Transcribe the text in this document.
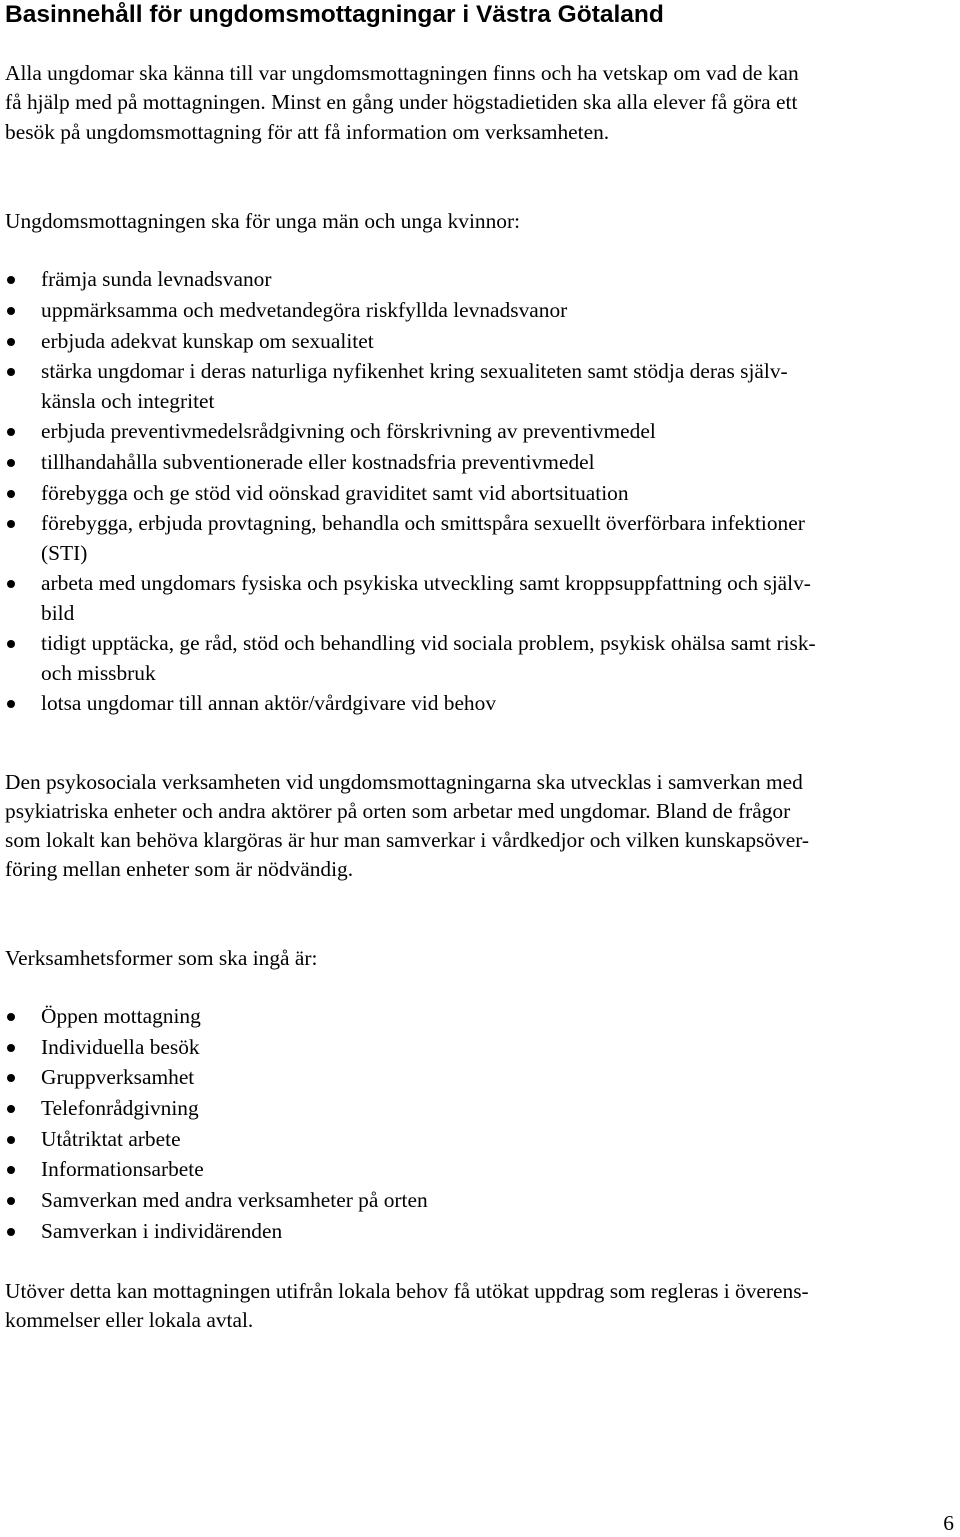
Basinnehåll för ungdomsmottagningar i Västra Götaland

Alla ungdomar ska känna till var ungdomsmottagningen finns och ha vetskap om vad de kan
få hjälp med på mottagningen. Minst en gång under högstadietiden ska alla elever få göra ett
besök på ungdomsmottagning för att få information om verksamheten.

Ungdomsmottagningen ska för unga män och unga kvinnor:

främja sunda levnadsvanor
uppmärksamma och medvetandegöra riskfyllda levnadsvanor
erbjuda adekvat kunskap om sexualitet
stärka ungdomar i deras naturliga nyfikenhet kring sexualiteten samt stödja deras själv-
känsla och integritet
erbjuda preventivmedelsrådgivning och förskrivning av preventivmedel
tillhandahålla subventionerade eller kostnadsfria preventivmedel
förebygga och ge stöd vid oönskad graviditet samt vid abortsituation
förebygga, erbjuda provtagning, behandla och smittspåra sexuellt överförbara infektioner
(STI)
arbeta med ungdomars fysiska och psykiska utveckling samt kroppsuppfattning och själv-
bild
tidigt upptäcka, ge råd, stöd och behandling vid sociala problem, psykisk ohälsa samt risk-
och missbruk
lotsa ungdomar till annan aktör/vårdgivare vid behov

Den psykosociala verksamheten vid ungdomsmottagningarna ska utvecklas i samverkan med
psykiatriska enheter och andra aktörer på orten som arbetar med ungdomar. Bland de frågor
som lokalt kan behöva klargöras är hur man samverkar i vårdkedjor och vilken kunskapsöver-
föring mellan enheter som är nödvändig.

Verksamhetsformer som ska ingå är:

Öppen mottagning
Individuella besök
Gruppverksamhet
Telefonrådgivning
Utåtriktat arbete
Informationsarbete
Samverkan med andra verksamheter på orten
Samverkan i individärenden

Utöver detta kan mottagningen utifrån lokala behov få utökat uppdrag som regleras i överens-
kommelser eller lokala avtal.

6
